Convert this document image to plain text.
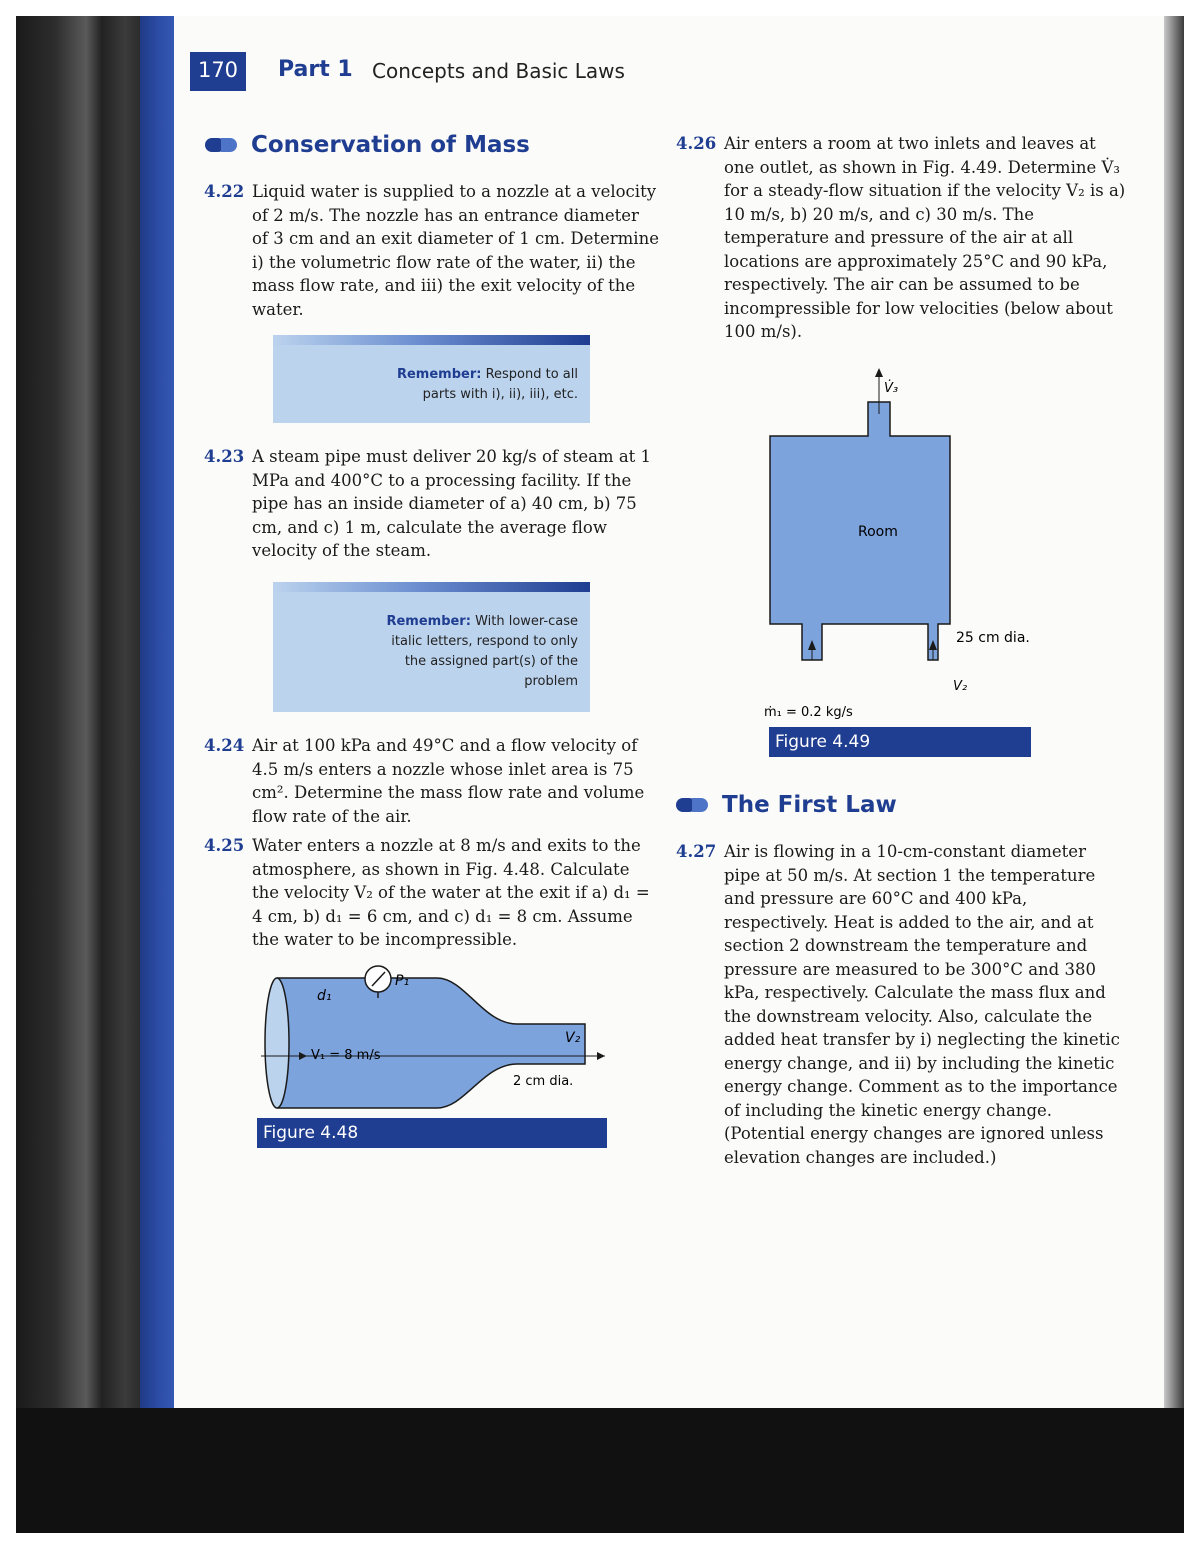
170	Part 1 Concepts and Basic Laws
Conservation of Mass
4.22 Liquid water is supplied to a nozzle at a velocity of 2 m/s. The nozzle has an entrance diameter of 3 cm and an exit diameter of 1 cm. Determine i) the volumetric flow rate of the water, ii) the mass flow rate, and iii) the exit velocity of the water.
Remember: Respond to all parts with i), ii), iii), etc.
4.23 A steam pipe must deliver 20 kg/s of steam at 1 MPa and 400°C to a processing facility. If the pipe has an inside diameter of a) 40 cm, b) 75 cm, and c) 1 m, calculate the average flow velocity of the steam.
Remember: With lower-case italic letters, respond to only the assigned part(s) of the problem
4.24 Air at 100 kPa and 49°C and a flow velocity of 4.5 m/s enters a nozzle whose inlet area is 75 cm². Determine the mass flow rate and volume flow rate of the air.
4.25 Water enters a nozzle at 8 m/s and exits to the atmosphere, as shown in Fig. 4.48. Calculate the velocity V₂ of the water at the exit if a) d₁ = 4 cm, b) d₁ = 6 cm, and c) d₁ = 8 cm. Assume the water to be incompressible.
d₁
P₁
V₁ = 8 m/s
V₂
2 cm dia.
Figure 4.48
4.26 Air enters a room at two inlets and leaves at one outlet, as shown in Fig. 4.49. Determine V̇₃ for a steady-flow situation if the velocity V₂ is a) 10 m/s, b) 20 m/s, and c) 30 m/s. The temperature and pressure of the air at all locations are approximately 25°C and 90 kPa, respectively. The air can be assumed to be incompressible for low velocities (below about 100 m/s).
V̇₃
Room
25 cm dia.
V₂
ṁ₁ = 0.2 kg/s
Figure 4.49
The First Law
4.27 Air is flowing in a 10-cm-constant diameter pipe at 50 m/s. At section 1 the temperature and pressure are 60°C and 400 kPa, respectively. Heat is added to the air, and at section 2 downstream the temperature and pressure are measured to be 300°C and 380 kPa, respectively. Calculate the mass flux and the downstream velocity. Also, calculate the added heat transfer by i) neglecting the kinetic energy change, and ii) by including the kinetic energy change. Comment as to the importance of including the kinetic energy change. (Potential energy changes are ignored unless elevation changes are included.)
